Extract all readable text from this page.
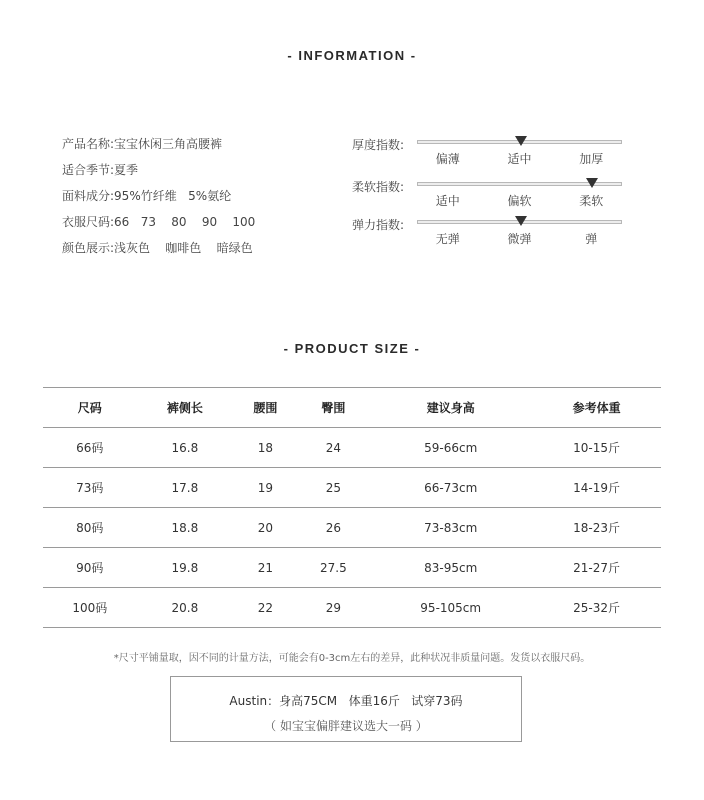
- INFORMATION -
产品名称:宝宝休闲三角高腰裤
适合季节:夏季
面料成分:95%竹纤维   5%氨纶
衣服尺码:66   73    80    90    100
颜色展示:浅灰色    咖啡色    暗绿色
厚度指数:
偏薄	适中	加厚
柔软指数:
适中	偏软	柔软
弹力指数:
无弹	微弹	弹
- PRODUCT SIZE -
尺码	裤侧长	腰围	臀围	建议身高	参考体重
66码	16.8	18	24	59-66cm	10-15斤
73码	17.8	19	25	66-73cm	14-19斤
80码	18.8	20	26	73-83cm	18-23斤
90码	19.8	21	27.5	83-95cm	21-27斤
100码	20.8	22	29	95-105cm	25-32斤
*尺寸平铺量取，因不同的计量方法，可能会有0-3cm左右的差异，此种状况非质量问题。发货以衣服尺码。
Austin：身高75CM   体重16斤   试穿73码
（ 如宝宝偏胖建议选大一码 ）
